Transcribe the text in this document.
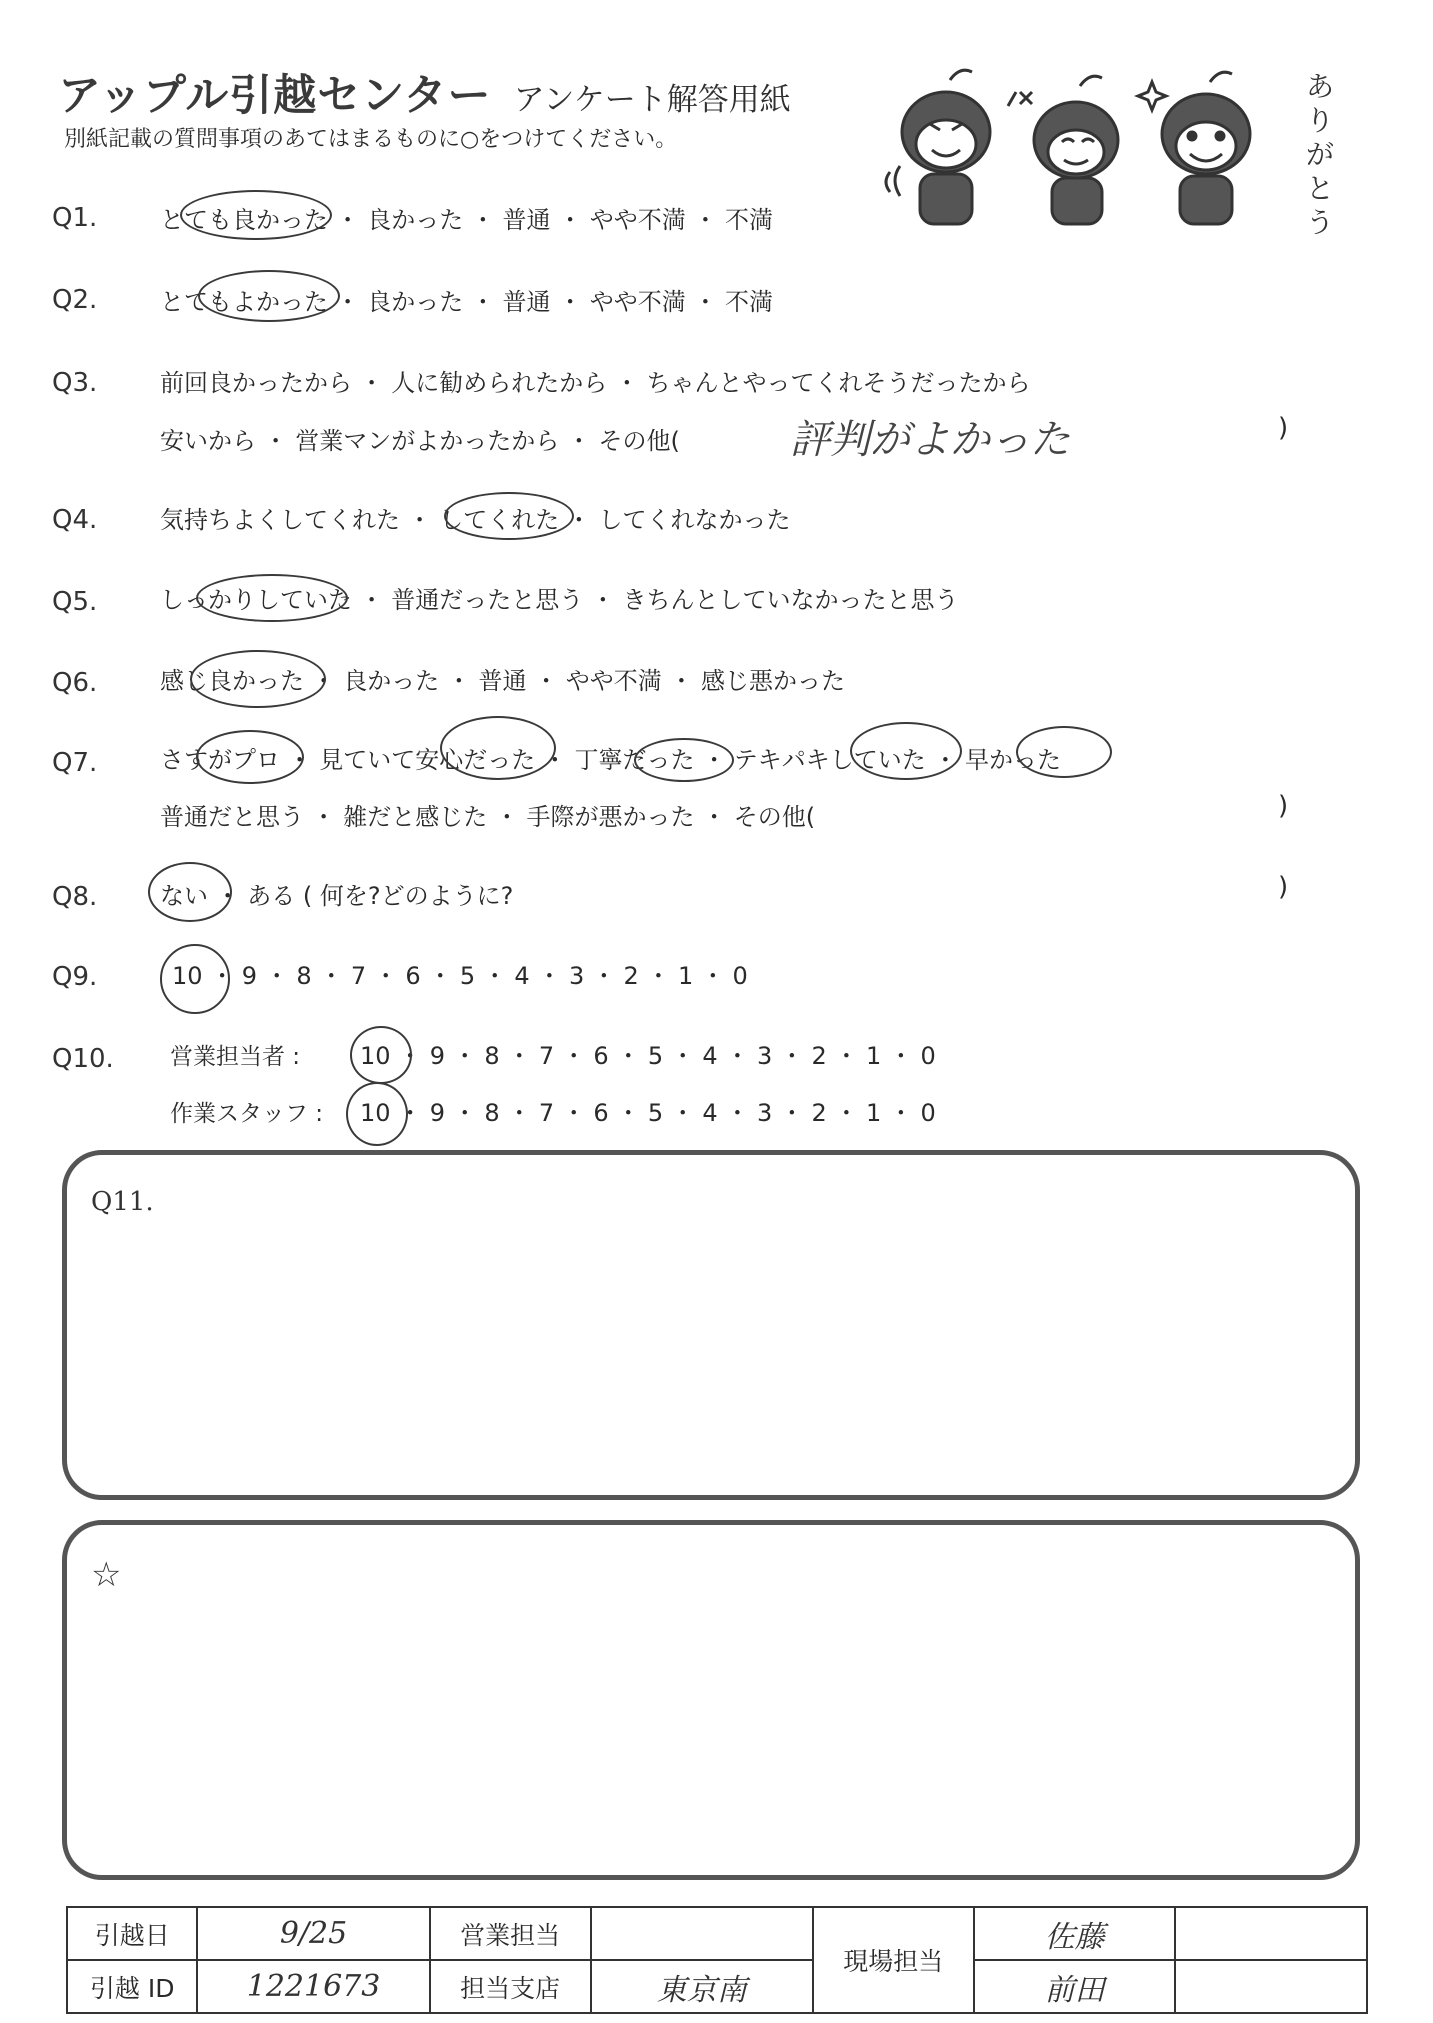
アップル引越センター アンケート解答用紙
別紙記載の質問事項のあてはまるものに○をつけてください。
ありがとう
Q1.	とても良かった ・ 良かった ・ 普通 ・ やや不満 ・ 不満
Q2.	とてもよかった ・ 良かった ・ 普通 ・ やや不満 ・ 不満
Q3.	前回良かったから ・ 人に勧められたから ・ ちゃんとやってくれそうだったから
安いから ・ 営業マンがよかったから ・ その他(	評判がよかった	)
Q4.	気持ちよくしてくれた ・ してくれた ・ してくれなかった
Q5.	しっかりしていた ・ 普通だったと思う ・ きちんとしていなかったと思う
Q6.	感じ良かった ・ 良かった ・ 普通 ・ やや不満 ・ 感じ悪かった
Q7.	さすがプロ ・ 見ていて安心だった ・ 丁寧だった ・ テキパキしていた ・ 早かった
普通だと思う ・ 雑だと感じた ・ 手際が悪かった ・ その他(	)
Q8.	ない ・ ある ( 何を?どのように?	)
Q9.	10 ・ 9 ・ 8 ・ 7 ・ 6 ・ 5 ・ 4 ・ 3 ・ 2 ・ 1 ・ 0
Q10. 営業担当者 : 10 ・ 9 ・ 8 ・ 7 ・ 6 ・ 5 ・ 4 ・ 3 ・ 2 ・ 1 ・ 0
作業スタッフ : 10 ・ 9 ・ 8 ・ 7 ・ 6 ・ 5 ・ 4 ・ 3 ・ 2 ・ 1 ・ 0
Q11.
☆
引越日	9/25	営業担当		現場担当	佐藤	
引越 ID	1221673	担当支店	東京南		前田	
